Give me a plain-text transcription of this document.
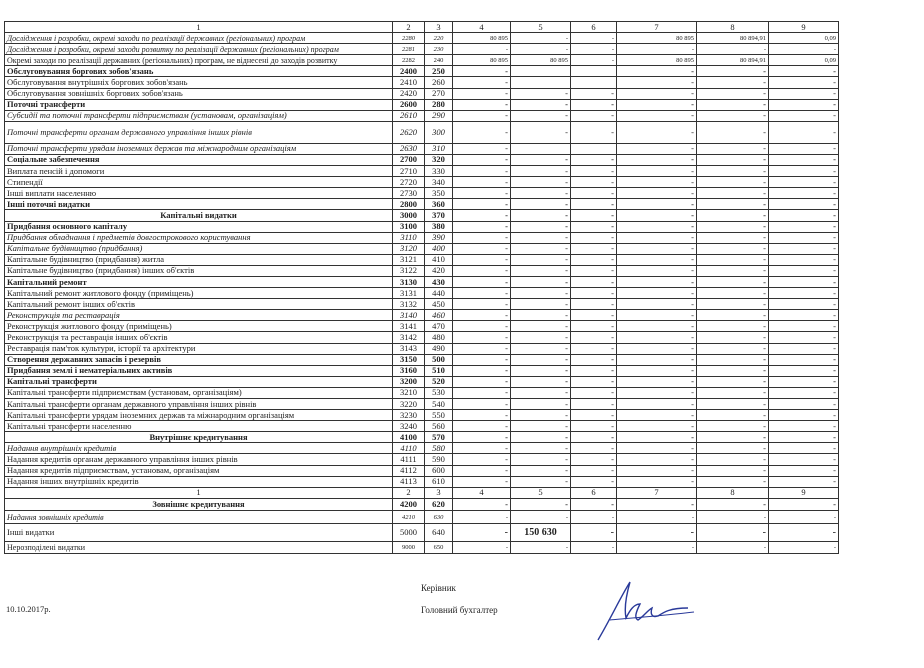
1	2	3	4	5	6	7	8	9
Дослідження і розробки, окремі заходи по реалізації державних (регіональних) програм	2280	220	80 895	-	-	80 895	80 894,91	0,09
Дослідження і розробки, окремі заходи розвитку по реалізації державних (регіональних) програм	2281	230	-	-	-	-	-	-
Окремі заходи по реалізації державних (регіональних) програм, не віднесені до заходів розвитку	2282	240	80 895	80 895	-	80 895	80 894,91	0,09
Обслуговування боргових зобов'язань	2400	250	-			-	-	-
Обслуговування внутрішніх боргових зобов'язань	2410	260	-			-	-	-
Обслуговування зовнішніх боргових зобов'язань	2420	270	-	-	-	-	-	-
Поточні трансферти	2600	280	-	-	-	-	-	-
Субсидії та поточні трансферти підприємствам (установам, організаціям)	2610	290	-	-	-	-	-	-
Поточні трансферти органам державного управління інших рівнів	2620	300	-	-	-	-	-	-
Поточні трансферти урядам іноземних держав та міжнародним організаціям	2630	310	-			-	-	-
Соціальне забезпечення	2700	320	-	-	-	-	-	-
Виплата пенсій і допомоги	2710	330	-	-	-	-	-	-
Стипендії	2720	340	-	-	-	-	-	-
Інші виплати населенню	2730	350	-	-	-	-	-	-
Інші поточні видатки	2800	360	-	-	-	-	-	-
Капітальні видатки	3000	370	-	-	-	-	-	-
Придбання основного капіталу	3100	380	-	-	-	-	-	-
Придбання обладнання і предметів довгострокового користування	3110	390	-	-	-	-	-	-
Капітальне будівництво (придбання)	3120	400	-	-	-	-	-	-
Капітальне будівництво (придбання) житла	3121	410	-	-	-	-	-	-
Капітальне будівництво (придбання) інших об'єктів	3122	420	-	-	-	-	-	-
Капітальний ремонт	3130	430	-	-	-	-	-	-
Капітальний ремонт житлового фонду (приміщень)	3131	440	-	-	-	-	-	-
Капітальний ремонт інших об'єктів	3132	450	-	-	-	-	-	-
Реконструкція та реставрація	3140	460	-	-	-	-	-	-
Реконструкція житлового фонду (приміщень)	3141	470	-	-	-	-	-	-
Реконструкція та реставрація інших об'єктів	3142	480	-	-	-	-	-	-
Реставрація пам'ток культури, історії та архітектури	3143	490	-	-	-	-	-	-
Створення державних запасів і резервів	3150	500	-	-	-	-	-	-
Придбання землі і нематеріальних активів	3160	510	-	-	-	-	-	-
Капітальні трансферти	3200	520	-	-	-	-	-	-
Капітальні трансферти підприємствам (установам, організаціям)	3210	530	-	-	-	-	-	-
Капітальні трансферти органам державного управління інших рівнів	3220	540	-	-	-	-	-	-
Капітальні трансферти урядам іноземних держав та міжнародним організаціям	3230	550	-	-	-	-	-	-
Капітальні трансферти населенню	3240	560	-	-	-	-	-	-
Внутрішнє кредитування	4100	570	-	-	-	-	-	-
Надання внутрішніх кредитів	4110	580	-	-	-	-	-	-
Надання кредитів органам державного управління інших рівнів	4111	590	-	-	-	-	-	-
Надання кредитів підприємствам, установам, організаціям	4112	600	-	-	-	-	-	-
Надання інших внутрішніх кредитів	4113	610	-	-	-	-	-	-
1	2	3	4	5	6	7	8	9
Зовнішнє кредитування	4200	620	-	-	-	-	-	-
Надання зовнішніх кредитів	4210	630	-	-	-	-	-	-
Інші видатки	5000	640	-	150 630	-	-	-	-
Нерозподілені видатки	9000	650	-	-	-	-	-	-
Керівник
Головний бухгалтер
10.10.2017р.
